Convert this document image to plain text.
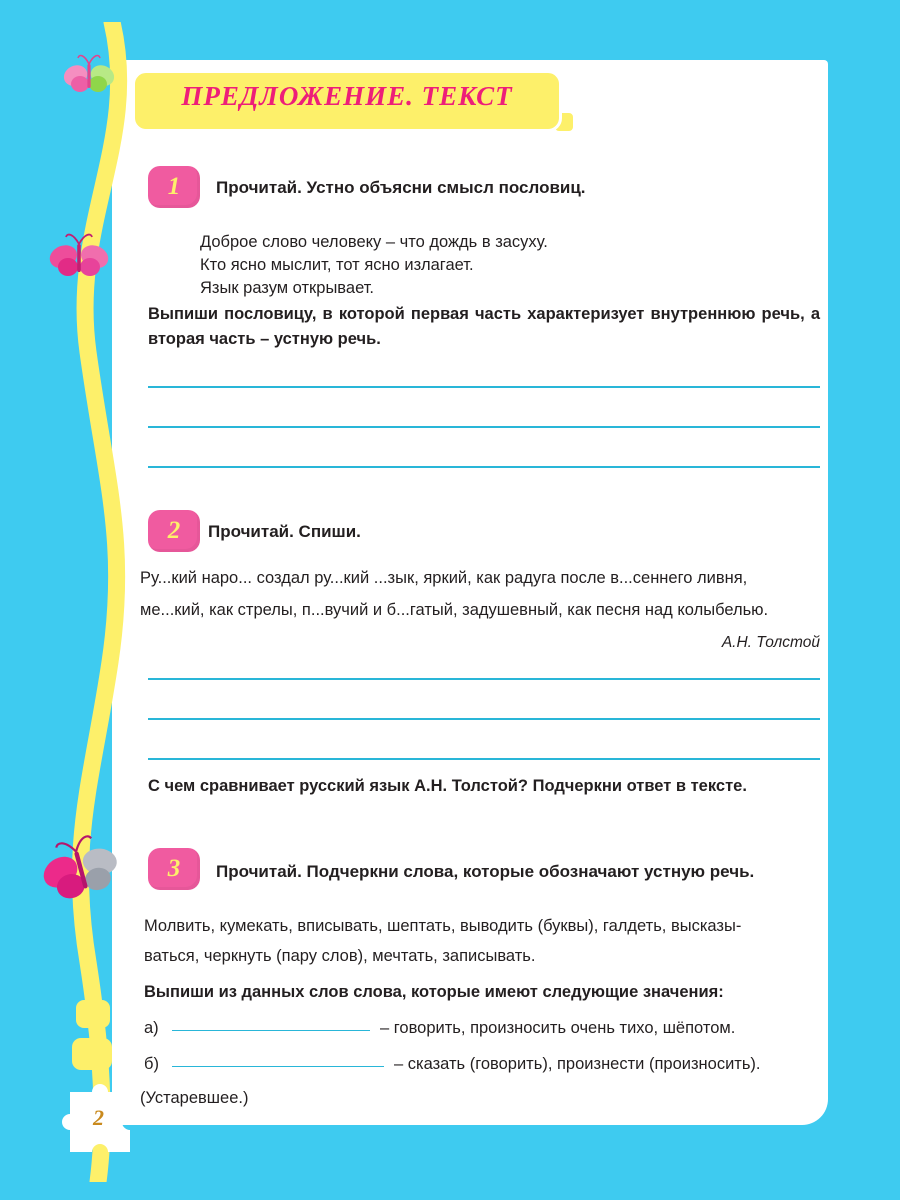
2
ПРЕДЛОЖЕНИЕ. ТЕКСТ
1	Прочитай. Устно объясни смысл пословиц.
Доброе слово человеку – что дождь в засуху.
Кто ясно мыслит, тот ясно излагает.
Язык разум открывает.
Выпиши пословицу, в которой первая часть характеризует внутреннюю речь, а вторая часть – устную речь.
2	Прочитай. Спиши.
Ру...кий наро... создал ру...кий ...зык, яркий, как радуга после в...сеннего ливня,
ме...кий, как стрелы, п...вучий и б...гатый, задушевный, как песня над колыбелью.
А.Н. Толстой
С чем сравнивает русский язык А.Н. Толстой? Подчеркни ответ в тексте.
3	Прочитай. Подчеркни слова, которые обозначают устную речь.
Молвить, кумекать, вписывать, шептать, выводить (буквы), галдеть, высказы-
ваться, черкнуть (пару слов), мечтать, записывать.
Выпиши из данных слов слова, которые имеют следующие значения:
а)	– говорить, произносить очень тихо, шёпотом.
б)	– сказать (говорить), произнести (произносить).
(Устаревшее.)
